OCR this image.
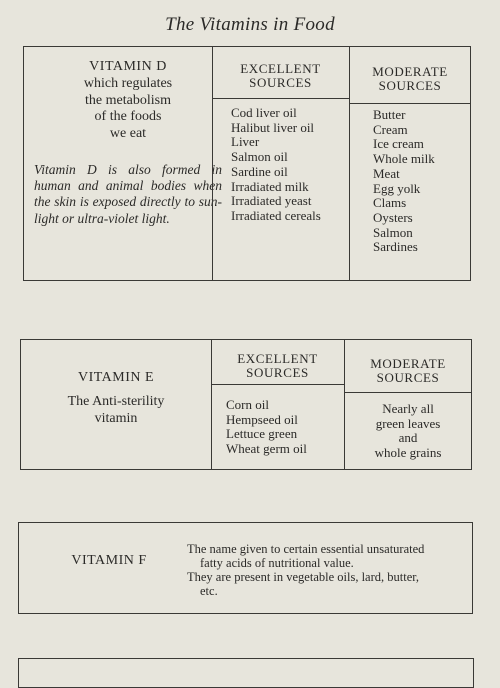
The Vitamins in Food
VITAMIN D
which regulates
the metabolism
of the foods
we eat
Vitamin D is also formed in human and animal bodies when the skin is exposed directly to sun-light or ultra-violet light.
EXCELLENT
SOURCES
MODERATE
SOURCES
Cod liver oil
Halibut liver oil
Liver
Salmon oil
Sardine oil
Irradiated milk
Irradiated yeast
Irradiated cereals
Butter
Cream
Ice cream
Whole milk
Meat
Egg yolk
Clams
Oysters
Salmon
Sardines
VITAMIN E
The Anti-sterility
vitamin
EXCELLENT
SOURCES
MODERATE
SOURCES
Corn oil
Hempseed oil
Lettuce green
Wheat germ oil
Nearly all
green leaves
and
whole grains
VITAMIN F

The name given to certain essential unsaturated

fatty acids of nutritional value.

They are present in vegetable oils, lard, butter,

etc.
